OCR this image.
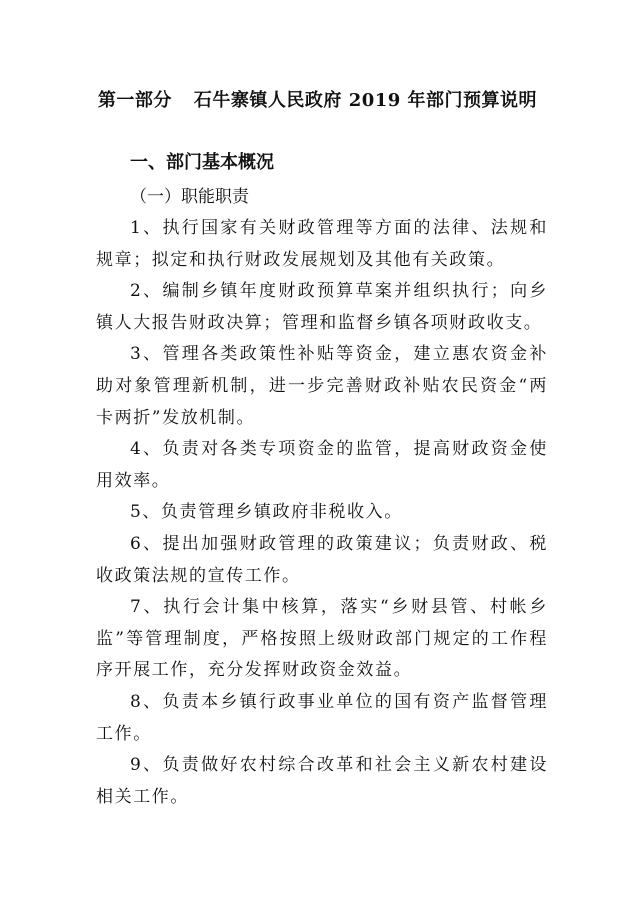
第一部分 石牛寨镇人民政府 2019 年部门预算说明
一、部门基本概况
（一）职能职责

1、执行国家有关财政管理等方面的法律、法规和规章；拟定和执行财政发展规划及其他有关政策。

2、编制乡镇年度财政预算草案并组织执行；向乡镇人大报告财政决算；管理和监督乡镇各项财政收支。

3、管理各类政策性补贴等资金，建立惠农资金补助对象管理新机制，进一步完善财政补贴农民资金“两卡两折”发放机制。

4、负责对各类专项资金的监管，提高财政资金使用效率。

5、负责管理乡镇政府非税收入。

6、提出加强财政管理的政策建议；负责财政、税收政策法规的宣传工作。

7、执行会计集中核算，落实“乡财县管、村帐乡监”等管理制度，严格按照上级财政部门规定的工作程序开展工作，充分发挥财政资金效益。

8、负责本乡镇行政事业单位的国有资产监督管理工作。

9、负责做好农村综合改革和社会主义新农村建设相关工作。
